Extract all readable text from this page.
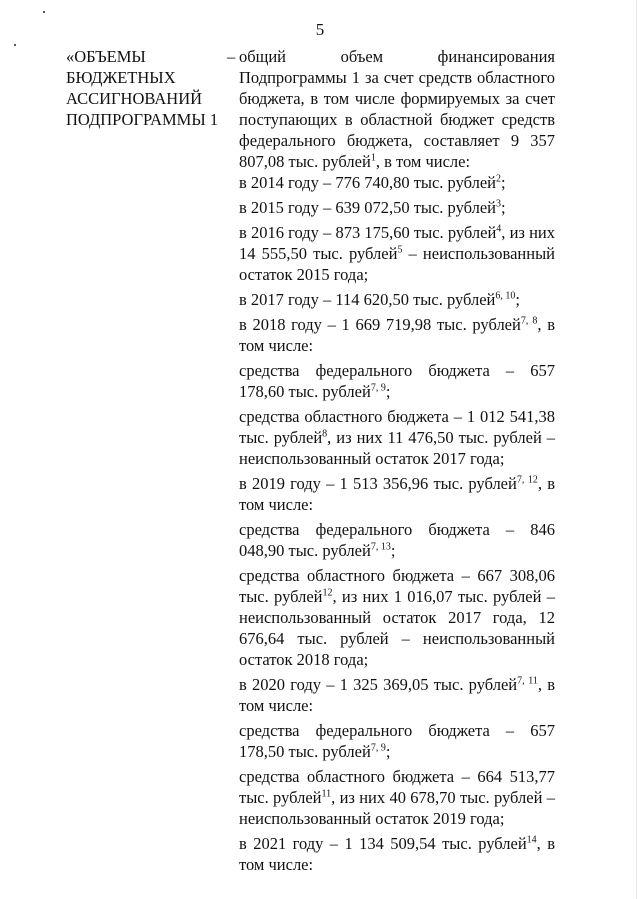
5
«ОБЪЕМЫ
БЮДЖЕТНЫХ
АССИГНОВАНИЙ
ПОДПРОГРАММЫ 1
– общий объем финансирования Подпрограммы 1 за счет средств областного бюджета, в том числе формируемых за счет поступающих в областной бюджет средств федерального бюджета, составляет 9 357 807,08 тыс. рублей$^1$, в том числе:

в 2014 году – 776 740,80 тыс. рублей$^2$;

в 2015 году – 639 072,50 тыс. рублей$^3$;

в 2016 году – 873 175,60 тыс. рублей$^4$, из них 14 555,50 тыс. рублей$^5$ – неиспользованный остаток 2015 года;

в 2017 году – 114 620,50 тыс. рублей$^{6, 10}$;

в 2018 году – 1 669 719,98 тыс. рублей$^{7, 8}$, в том числе:

средства федерального бюджета – 657 178,60 тыс. рублей$^{7, 9}$;

средства областного бюджета – 1 012 541,38 тыс. рублей$^8$, из них 11 476,50 тыс. рублей – неиспользованный остаток 2017 года;

в 2019 году – 1 513 356,96 тыс. рублей$^{7, 12}$, в том числе:

средства федерального бюджета – 846 048,90 тыс. рублей$^{7, 13}$;

средства областного бюджета – 667 308,06 тыс. рублей$^{12}$, из них 1 016,07 тыс. рублей – неиспользованный остаток 2017 года, 12 676,64 тыс. рублей – неиспользованный остаток 2018 года;

в 2020 году – 1 325 369,05 тыс. рублей$^{7, 11}$, в том числе:

средства федерального бюджета – 657 178,50 тыс. рублей$^{7, 9}$;

средства областного бюджета – 664 513,77 тыс. рублей$^{11}$, из них 40 678,70 тыс. рублей – неиспользованный остаток 2019 года;

в 2021 году – 1 134 509,54 тыс. рублей$^{14}$, в том числе:
